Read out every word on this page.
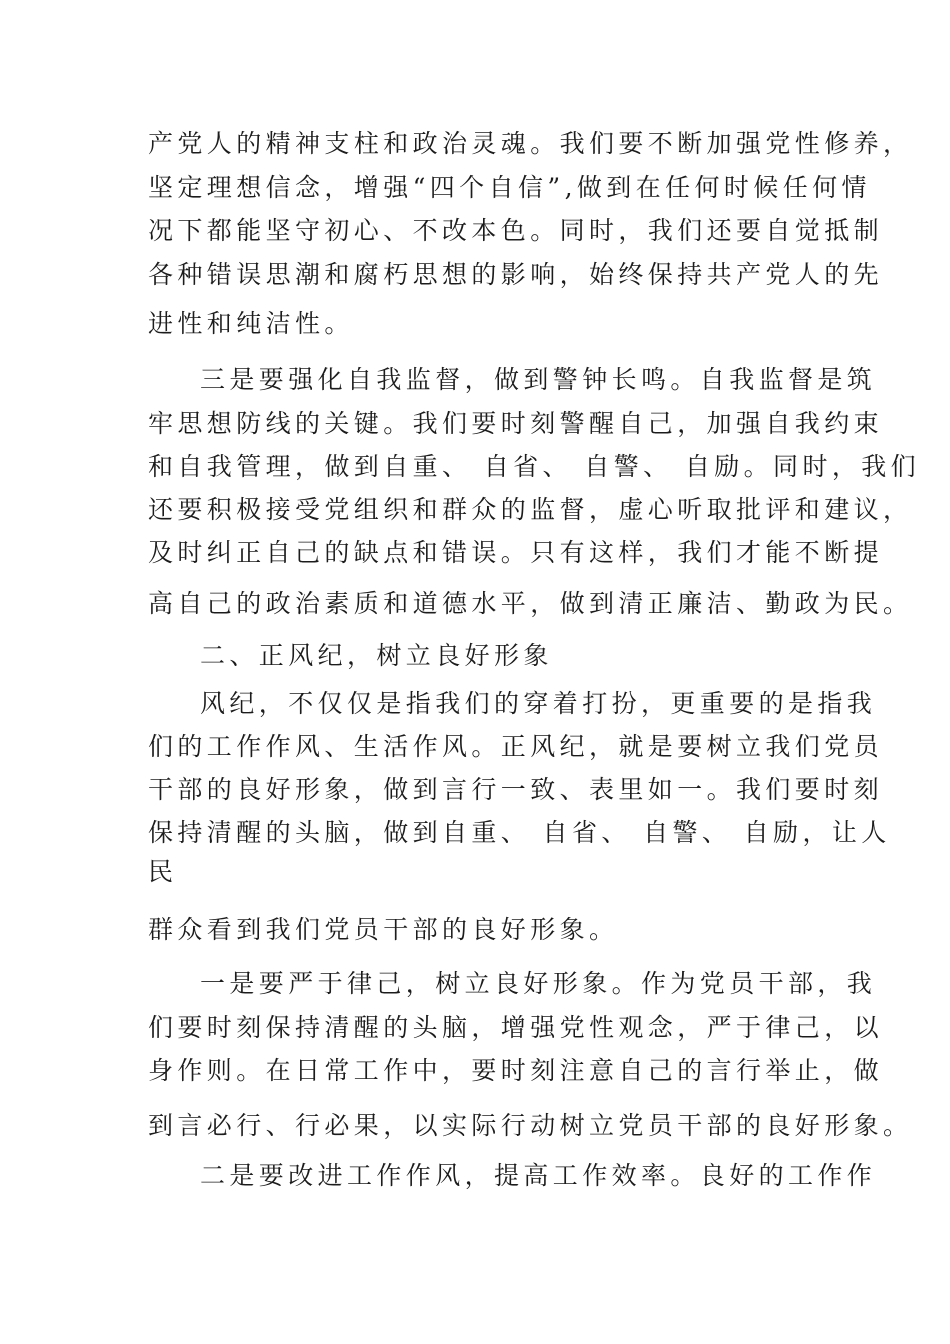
产党人的精神支柱和政治灵魂。我们要不断加强党性修养，
坚定理想信念，增强“四个自信”,做到在任何时候任何情
况下都能坚守初心、不改本色。同时，我们还要自觉抵制
各种错误思潮和腐朽思想的影响，始终保持共产党人的先
进性和纯洁性。
三是要强化自我监督，做到警钟长鸣。自我监督是筑
牢思想防线的关键。我们要时刻警醒自己，加强自我约束
和自我管理，做到自重、 自省、 自警、 自励。同时，我们
还要积极接受党组织和群众的监督，虚心听取批评和建议，
及时纠正自己的缺点和错误。只有这样，我们才能不断提
高自己的政治素质和道德水平，做到清正廉洁、勤政为民。
二、正风纪，树立良好形象
风纪，不仅仅是指我们的穿着打扮，更重要的是指我
们的工作作风、生活作风。正风纪，就是要树立我们党员
干部的良好形象，做到言行一致、表里如一。我们要时刻
保持清醒的头脑，做到自重、 自省、 自警、 自励，让人
民
群众看到我们党员干部的良好形象。
一是要严于律己，树立良好形象。作为党员干部，我
们要时刻保持清醒的头脑，增强党性观念，严于律己，以
身作则。在日常工作中，要时刻注意自己的言行举止，做
到言必行、行必果，以实际行动树立党员干部的良好形象。
二是要改进工作作风，提高工作效率。良好的工作作
